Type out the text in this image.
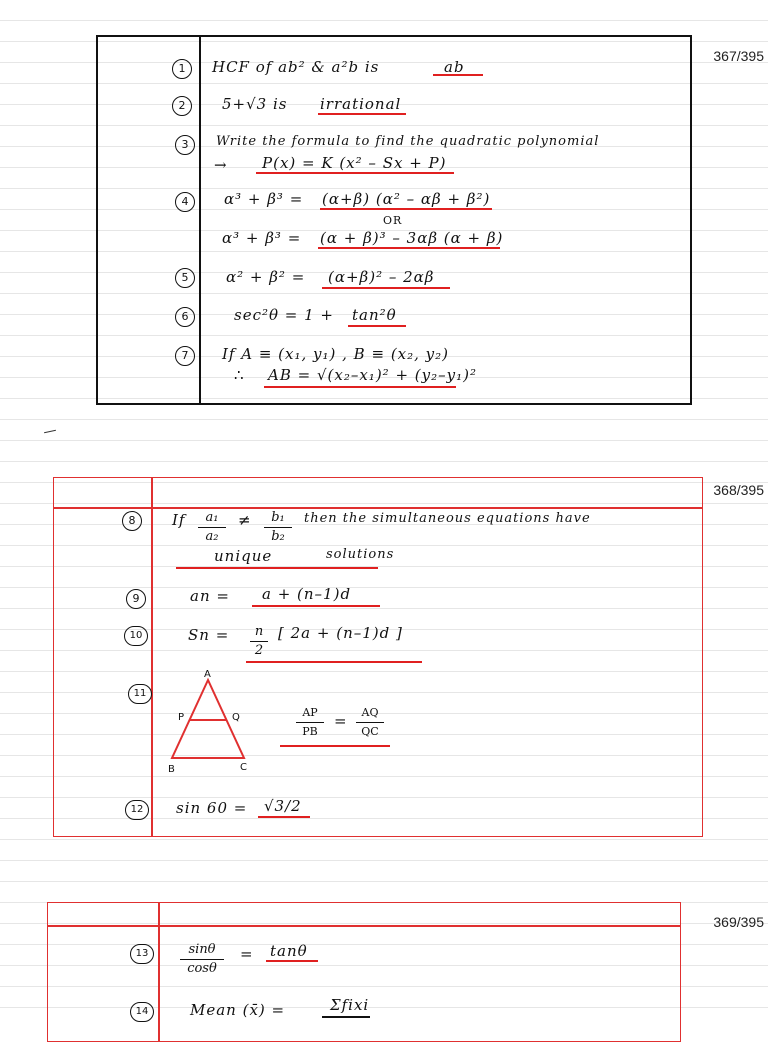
367/395
1	HCF of ab² & a²b is	ab
2	5+√3 is irrational
3	Write the formula to find the quadratic polynomial
→ P(x) = K (x² – Sx + P)
4	α³ + β³ = (α+β) (α² – αβ + β²)
OR
α³ + β³ = (α + β)³ – 3αβ (α + β)
5	α² + β² = (α+β)² – 2αβ
6	sec²θ = 1 + tan²θ
7	If A ≡ (x₁, y₁) , B ≡ (x₂, y₂)
∴ AB = √(x₂–x₁)² + (y₂–y₁)²
368/395
8	If	a₁
a₂
≠	b₁
b₂
then the simultaneous equations have
unique	solutions
9	an = a + (n–1)d
10	Sn =	n
2
[ 2a + (n–1)d ]
11
A
P	Q
B	C
AP
PB
=	AQ
QC
12	sin 60 = √3/2
369/395
13	sinθ
cosθ
= tanθ
14	Mean (x̄) =	Σfixi
